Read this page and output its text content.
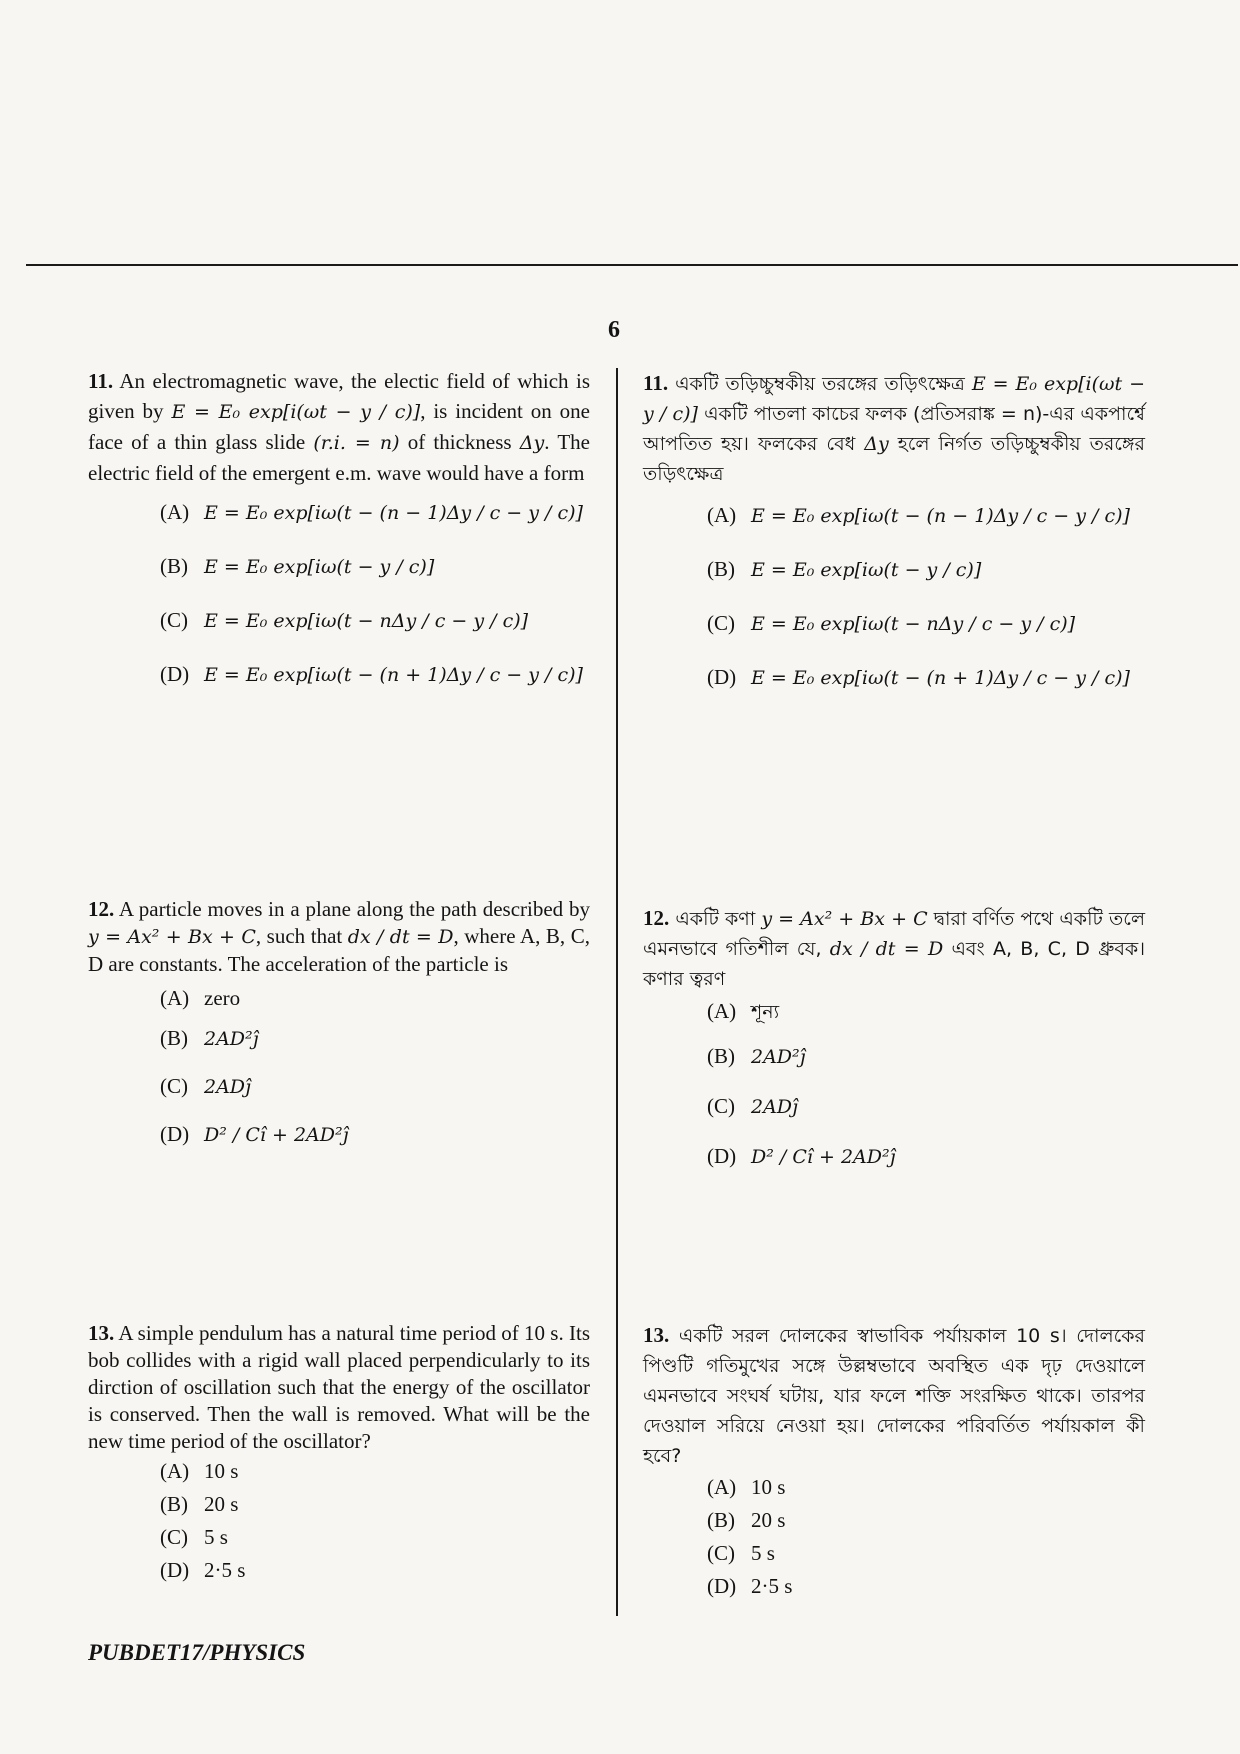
6

11. An electromagnetic wave, the electic field of which is given by E = E₀ exp[i(ωt − y / c)], is incident on one face of a thin glass slide (r.i. = n) of thickness Δy. The electric field of the emergent e.m. wave would have a form

(A) E = E₀ exp[iω(t − (n − 1)Δy / c − y / c)]
(B) E = E₀ exp[iω(t − y / c)]
(C) E = E₀ exp[iω(t − nΔy / c − y / c)]
(D) E = E₀ exp[iω(t − (n + 1)Δy / c − y / c)]

12. A particle moves in a plane along the path described by y = Ax² + Bx + C, such that dx / dt = D, where A, B, C, D are constants. The acceleration of the particle is

(A) zero
(B) 2AD²ĵ
(C) 2ADĵ
(D) D² / Cî + 2AD²ĵ

13. A simple pendulum has a natural time period of 10 s. Its bob collides with a rigid wall placed perpendicularly to its dirction of oscillation such that the energy of the oscillator is conserved. Then the wall is removed. What will be the new time period of the oscillator?

(A) 10 s
(B) 20 s
(C) 5 s
(D) 2·5 s

11. একটি তড়িচ্চুম্বকীয় তরঙ্গের তড়িৎক্ষেত্র E = E₀ exp[i(ωt − y / c)] একটি পাতলা কাচের ফলক (প্রতিসরাঙ্ক = n)-এর একপার্শ্বে আপতিত হয়। ফলকের বেধ Δy হলে নির্গত তড়িচ্চুম্বকীয় তরঙ্গের তড়িৎক্ষেত্র

(A) E = E₀ exp[iω(t − (n − 1)Δy / c − y / c)]
(B) E = E₀ exp[iω(t − y / c)]
(C) E = E₀ exp[iω(t − nΔy / c − y / c)]
(D) E = E₀ exp[iω(t − (n + 1)Δy / c − y / c)]

12. একটি কণা y = Ax² + Bx + C দ্বারা বর্ণিত পথে একটি তলে এমনভাবে গতিশীল যে, dx / dt = D এবং A, B, C, D ধ্রুবক। কণার ত্বরণ

(A) শূন্য
(B) 2AD²ĵ
(C) 2ADĵ
(D) D² / Cî + 2AD²ĵ

13. একটি সরল দোলকের স্বাভাবিক পর্যায়কাল 10 s। দোলকের পিণ্ডটি গতিমুখের সঙ্গে উল্লম্বভাবে অবস্থিত এক দৃঢ় দেওয়ালে এমনভাবে সংঘর্ষ ঘটায়, যার ফলে শক্তি সংরক্ষিত থাকে। তারপর দেওয়াল সরিয়ে নেওয়া হয়। দোলকের পরিবর্তিত পর্যায়কাল কী হবে?

(A) 10 s
(B) 20 s
(C) 5 s
(D) 2·5 s
PUBDET17/PHYSICS
